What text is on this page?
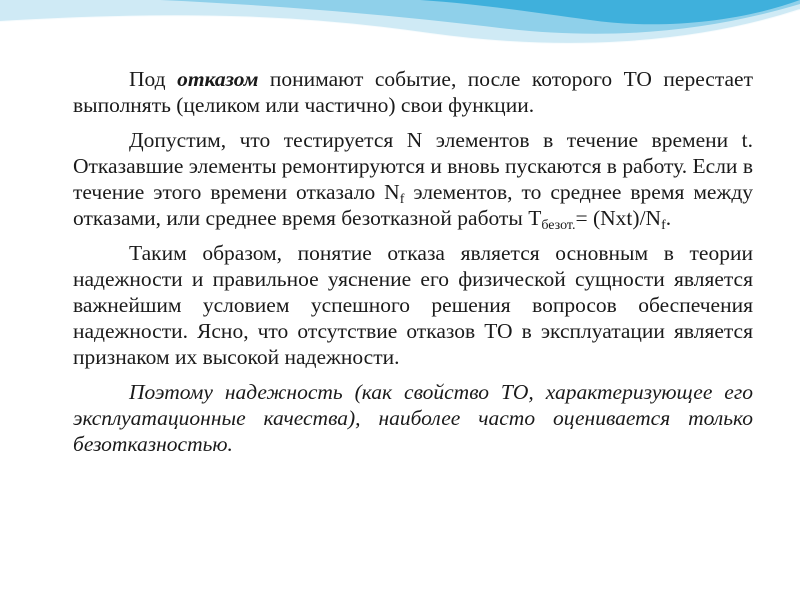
Под отказом понимают событие, после которого ТО перестает выполнять (целиком или частично) свои функции.

Допустим, что тестируется N элементов в течение времени t. Отказавшие элементы ремонтируются и вновь пускаются в работу. Если в течение этого времени отказало $N_f$ элементов, то среднее время между отказами, или среднее время безотказной работы $T_{безот.}= (Nxt)/N_f$.

Таким образом, понятие отказа является основным в теории надежности и правильное уяснение его физической сущности является важнейшим условием успешного решения вопросов обеспечения надежности. Ясно, что отсутствие отказов ТО в эксплуатации является признаком их высокой надежности.

Поэтому надежность (как свойство ТО, характеризующее его эксплуатационные качества), наиболее часто оценивается только безотказностью.
